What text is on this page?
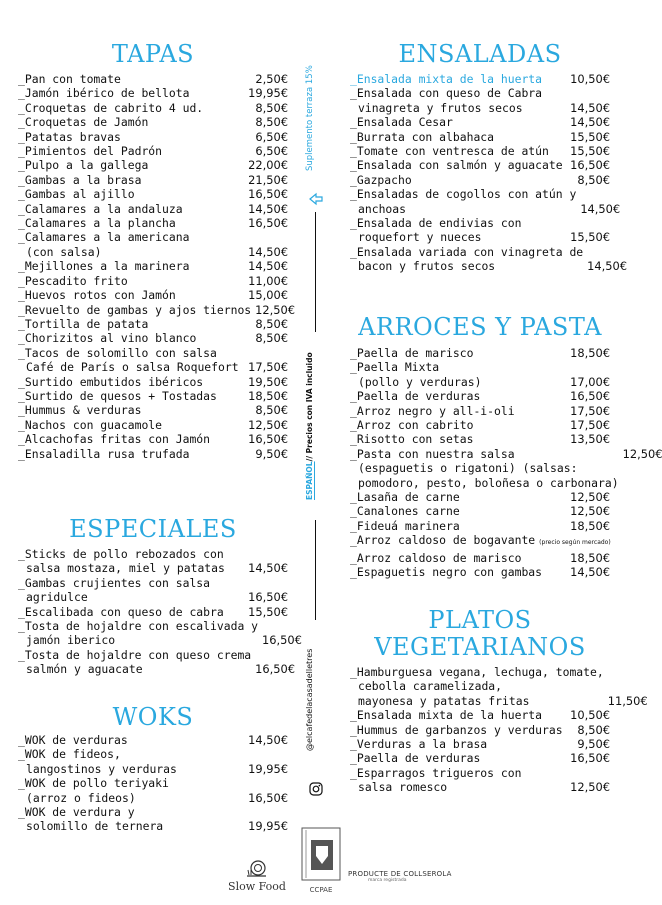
TAPAS
_Pan con tomate	2,50€
_Jamón ibérico de bellota	19,95€
_Croquetas de cabrito 4 ud.	8,50€
_Croquetas de Jamón	8,50€
_Patatas bravas	6,50€
_Pimientos del Padrón	6,50€
_Pulpo a la gallega	22,00€
_Gambas a la brasa	21,50€
_Gambas al ajillo	16,50€
_Calamares a la andaluza	14,50€
_Calamares a la plancha	16,50€
_Calamares a la americana
(con salsa)	14,50€
_Mejillones a la marinera	14,50€
_Pescadito frito	11,00€
_Huevos rotos con Jamón	15,00€
_Revuelto de gambas y ajos tiernos 12,50€
_Tortilla de patata	8,50€
_Chorizitos al vino blanco	8,50€
_Tacos de solomillo con salsa
Café de París o salsa Roquefort 17,50€
_Surtido embutidos ibéricos	19,50€
_Surtido de quesos + Tostadas	18,50€
_Hummus & verduras	8,50€
_Nachos con guacamole	12,50€
_Alcachofas fritas con Jamón	16,50€
_Ensaladilla rusa trufada	9,50€
ESPECIALES
_Sticks de pollo rebozados con
salsa mostaza, miel y patatas	14,50€
_Gambas crujientes con salsa
agridulce	16,50€
_Escalibada con queso de cabra	15,50€
_Tosta de hojaldre con escalivada y
jamón iberico	16,50€
_Tosta de hojaldre con queso crema
salmón y aguacate	16,50€
WOKS
_WOK de verduras	14,50€
_WOK de fideos,
langostinos y verduras	19,95€
_WOK de pollo teriyaki
(arroz o fideos)	16,50€
_WOK de verdura y
solomillo de ternera	19,95€
Suplemento terraza 15%
ESPAÑOL// Precios con IVA incluido
@elcafedelacasadelletres
ENSALADAS
_Ensalada mixta de la huerta	10,50€
_Ensalada con queso de Cabra
vinagreta y frutos secos	14,50€
_Ensalada Cesar	14,50€
_Burrata con albahaca	15,50€
_Tomate con ventresca de atún	15,50€
_Ensalada con salmón y aguacate 16,50€
_Gazpacho	8,50€
_Ensaladas de cogollos con atún y
anchoas	14,50€
_Ensalada de endivias con
roquefort y nueces	15,50€
_Ensalada variada con vinagreta de
bacon y frutos secos	14,50€
ARROCES Y PASTA
_Paella de marisco	18,50€
_Paella Mixta
(pollo y verduras)	17,00€
_Paella de verduras	16,50€
_Arroz negro y all-i-oli	17,50€
_Arroz con cabrito	17,50€
_Risotto con setas	13,50€
_Pasta con nuestra salsa
(espaguetis o rigatoni) (salsas:
pomodoro, pesto, boloñesa o carbonara)
12,50€
_Lasaña de carne	12,50€
_Canalones carne	12,50€
_Fideuá marinera	18,50€
_Arroz caldoso de bogavante (precio según mercado)
_Arroz caldoso de marisco	18,50€
_Espaguetis negro con gambas	14,50€
PLATOS
VEGETARIANOS
_Hamburguesa vegana, lechuga, tomate,
cebolla caramelizada,
mayonesa y patatas fritas	11,50€
_Ensalada mixta de la huerta	10,50€
_Hummus de garbanzos y verduras	8,50€
_Verduras a la brasa	9,50€
_Paella de verduras	16,50€
_Esparragos trigueros con
salsa romesco	12,50€
Slow Food	CCPAE
PRODUCTE DE COLLSEROLA
marca registrada
